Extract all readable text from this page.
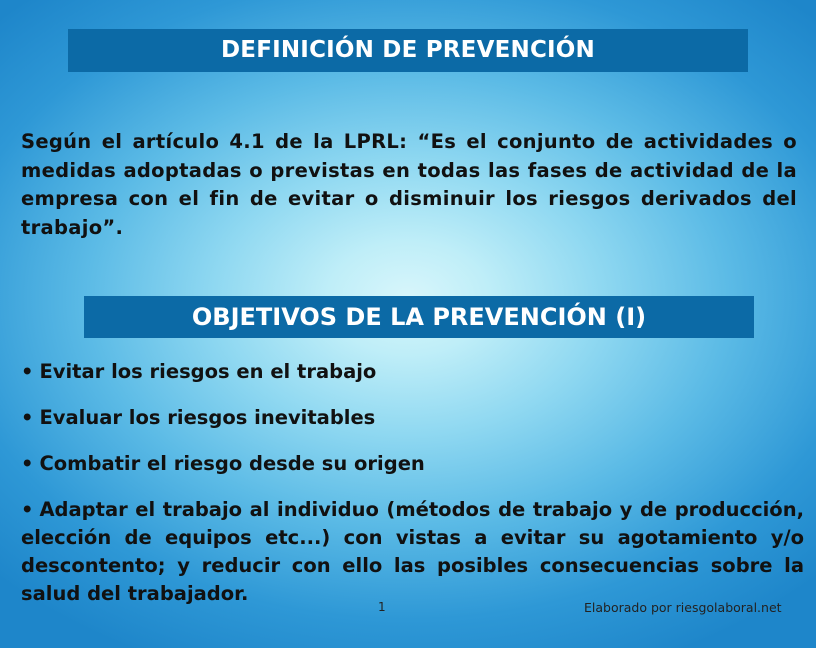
DEFINICIÓN DE PREVENCIÓN
Según el artículo 4.1 de la LPRL: “Es el conjunto de actividades o medidas adoptadas o previstas en todas las fases de actividad de la empresa con el fin de evitar o disminuir los riesgos derivados del trabajo”.
OBJETIVOS DE LA PREVENCIÓN (I)
• Evitar los riesgos en el trabajo
• Evaluar los riesgos inevitables
• Combatir el riesgo desde su origen
• Adaptar el trabajo al individuo (métodos de trabajo y de producción, elección de equipos etc...) con vistas a evitar su agotamiento y/o descontento; y reducir con ello las posibles consecuencias sobre la salud del trabajador.
1	Elaborado por riesgolaboral.net
